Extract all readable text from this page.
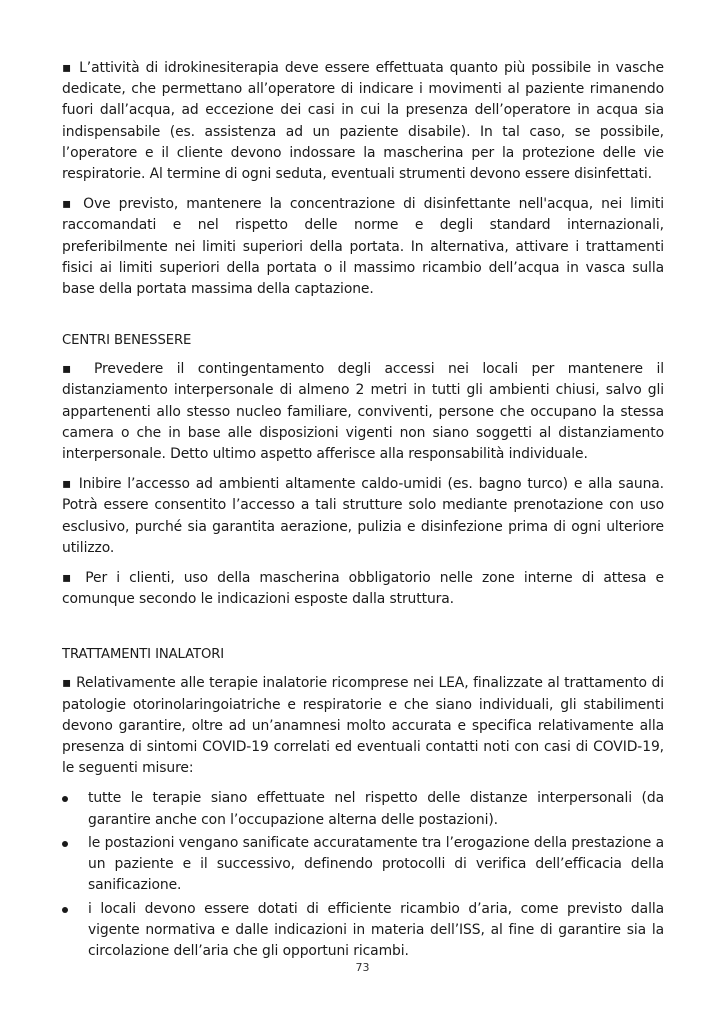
▪ L’attività di idrokinesiterapia deve essere effettuata quanto più possibile in vasche dedicate, che permettano all’operatore di indicare i movimenti al paziente rimanendo fuori dall’acqua, ad eccezione dei casi in cui la presenza dell’operatore in acqua sia indispensabile (es. assistenza ad un paziente disabile). In tal caso, se possibile, l’operatore e il cliente devono indossare la mascherina per la protezione delle vie respiratorie. Al termine di ogni seduta, eventuali strumenti devono essere disinfettati.

▪ Ove previsto, mantenere la concentrazione di disinfettante nell'acqua, nei limiti raccomandati e nel rispetto delle norme e degli standard internazionali, preferibilmente nei limiti superiori della portata. In alternativa, attivare i trattamenti fisici ai limiti superiori della portata o il massimo ricambio dell’acqua in vasca sulla base della portata massima della captazione.

CENTRI BENESSERE

▪ Prevedere il contingentamento degli accessi nei locali per mantenere il distanziamento interpersonale di almeno 2 metri in tutti gli ambienti chiusi, salvo gli appartenenti allo stesso nucleo familiare, conviventi, persone che occupano la stessa camera o che in base alle disposizioni vigenti non siano soggetti al distanziamento interpersonale. Detto ultimo aspetto afferisce alla responsabilità individuale.

▪ Inibire l’accesso ad ambienti altamente caldo-umidi (es. bagno turco) e alla sauna. Potrà essere consentito l’accesso a tali strutture solo mediante prenotazione con uso esclusivo, purché sia garantita aerazione, pulizia e disinfezione prima di ogni ulteriore utilizzo.

▪ Per i clienti, uso della mascherina obbligatorio nelle zone interne di attesa e comunque secondo le indicazioni esposte dalla struttura.

TRATTAMENTI INALATORI

▪ Relativamente alle terapie inalatorie ricomprese nei LEA, finalizzate al trattamento di patologie otorinolaringoiatriche e respiratorie e che siano individuali, gli stabilimenti devono garantire, oltre ad un’anamnesi molto accurata e specifica relativamente alla presenza di sintomi COVID-19 correlati ed eventuali contatti noti con casi di COVID-19, le seguenti misure:

tutte le terapie siano effettuate nel rispetto delle distanze interpersonali (da garantire anche con l’occupazione alterna delle postazioni).
le postazioni vengano sanificate accuratamente tra l’erogazione della prestazione a un paziente e il successivo, definendo protocolli di verifica dell’efficacia della sanificazione.
i locali devono essere dotati di efficiente ricambio d’aria, come previsto dalla vigente normativa e dalle indicazioni in materia dell’ISS, al fine di garantire sia la circolazione dell’aria che gli opportuni ricambi.
73
